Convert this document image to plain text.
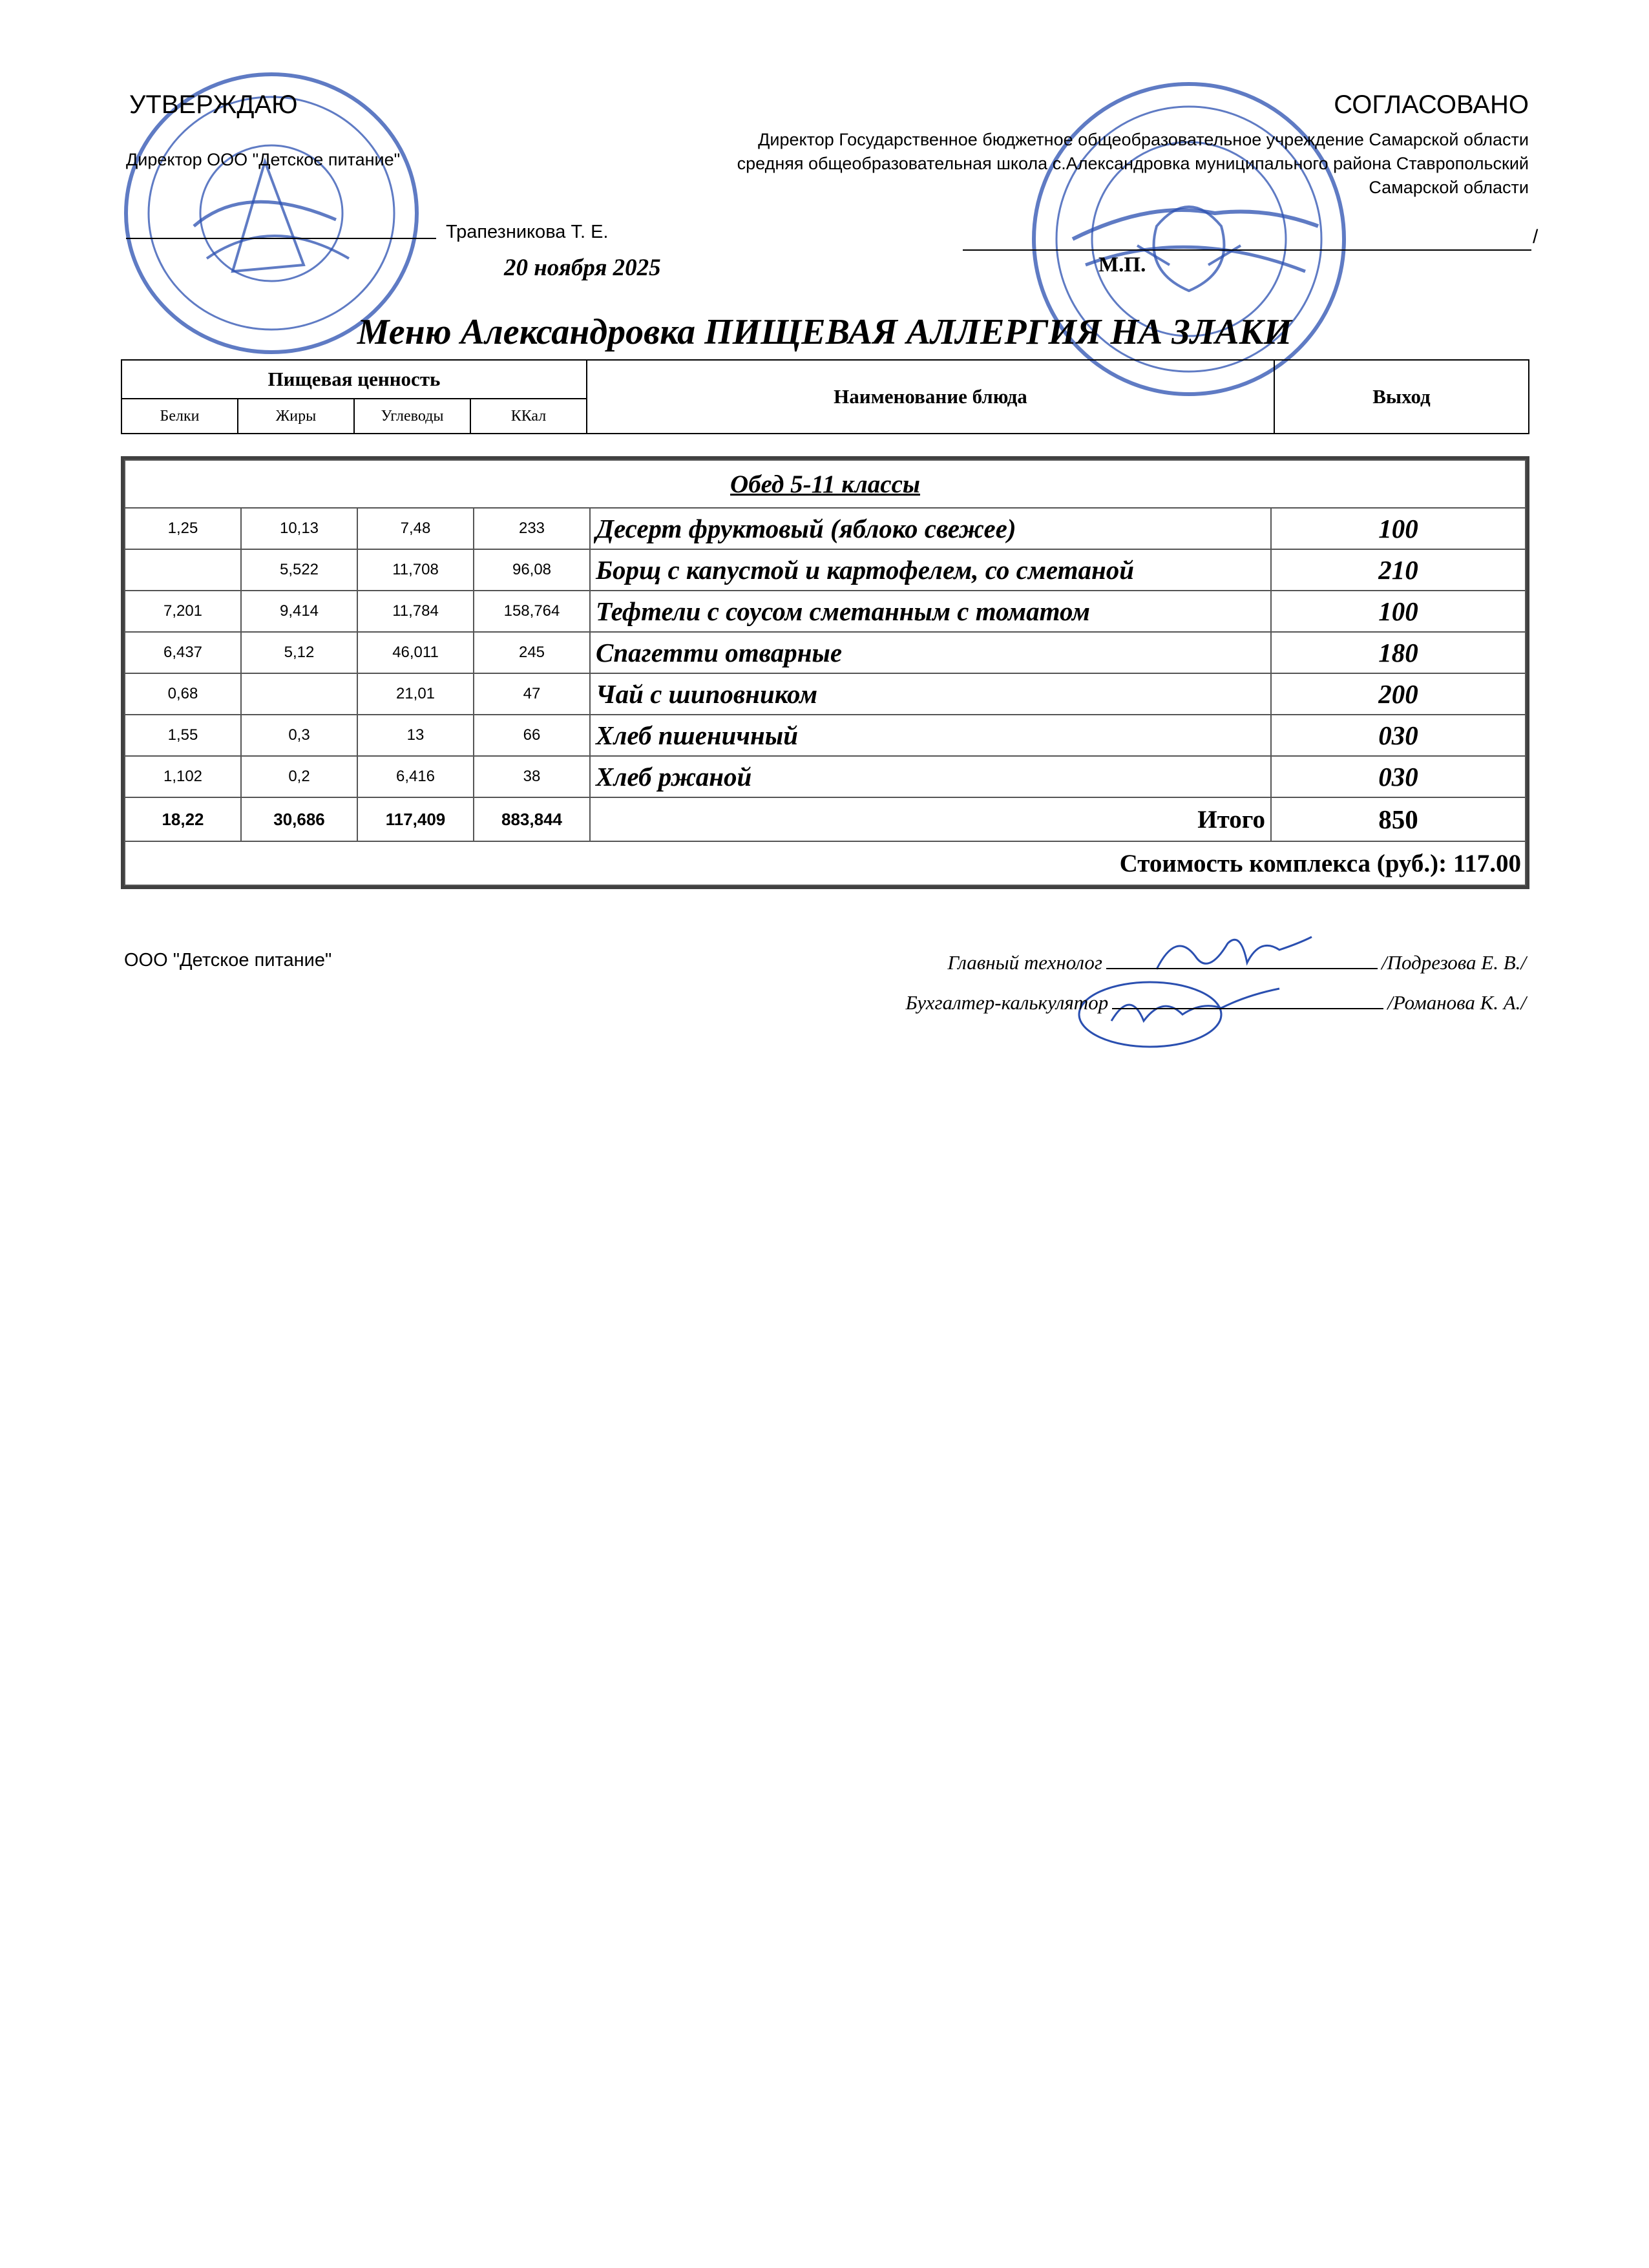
УТВЕРЖДАЮ
Директор ООО "Детское питание"
Трапезникова Т. Е.
20 ноября 2025
СОГЛАСОВАНО
Директор Государственное бюджетное общеобразовательное учреждение Самарской области средняя общеобразовательная школа с.Александровка муниципального района Ставропольский Самарской области
/
М.П.
Меню Александровка ПИЩЕВАЯ АЛЛЕРГИЯ НА ЗЛАКИ
Пищевая ценность				Наименование блюда	Выход
Белки	Жиры	Углеводы	ККал		
Обед 5-11 классы					
1,25	10,13	7,48	233	Десерт фруктовый (яблоко свежее)	100
	5,522	11,708	96,08	Борщ с капустой и картофелем, со сметаной	210
7,201	9,414	11,784	158,764	Тефтели с соусом сметанным с томатом	100
6,437	5,12	46,011	245	Спагетти отварные	180
0,68		21,01	47	Чай с шиповником	200
1,55	0,3	13	66	Хлеб пшеничный	030
1,102	0,2	6,416	38	Хлеб ржаной	030
18,22	30,686	117,409	883,844	Итого	850
Стоимость комплекса (руб.): 117.00					
ООО "Детское питание"	Главный технолог	/Подрезова Е. В./
Бухгалтер-калькулятор	/Романова К. А./
